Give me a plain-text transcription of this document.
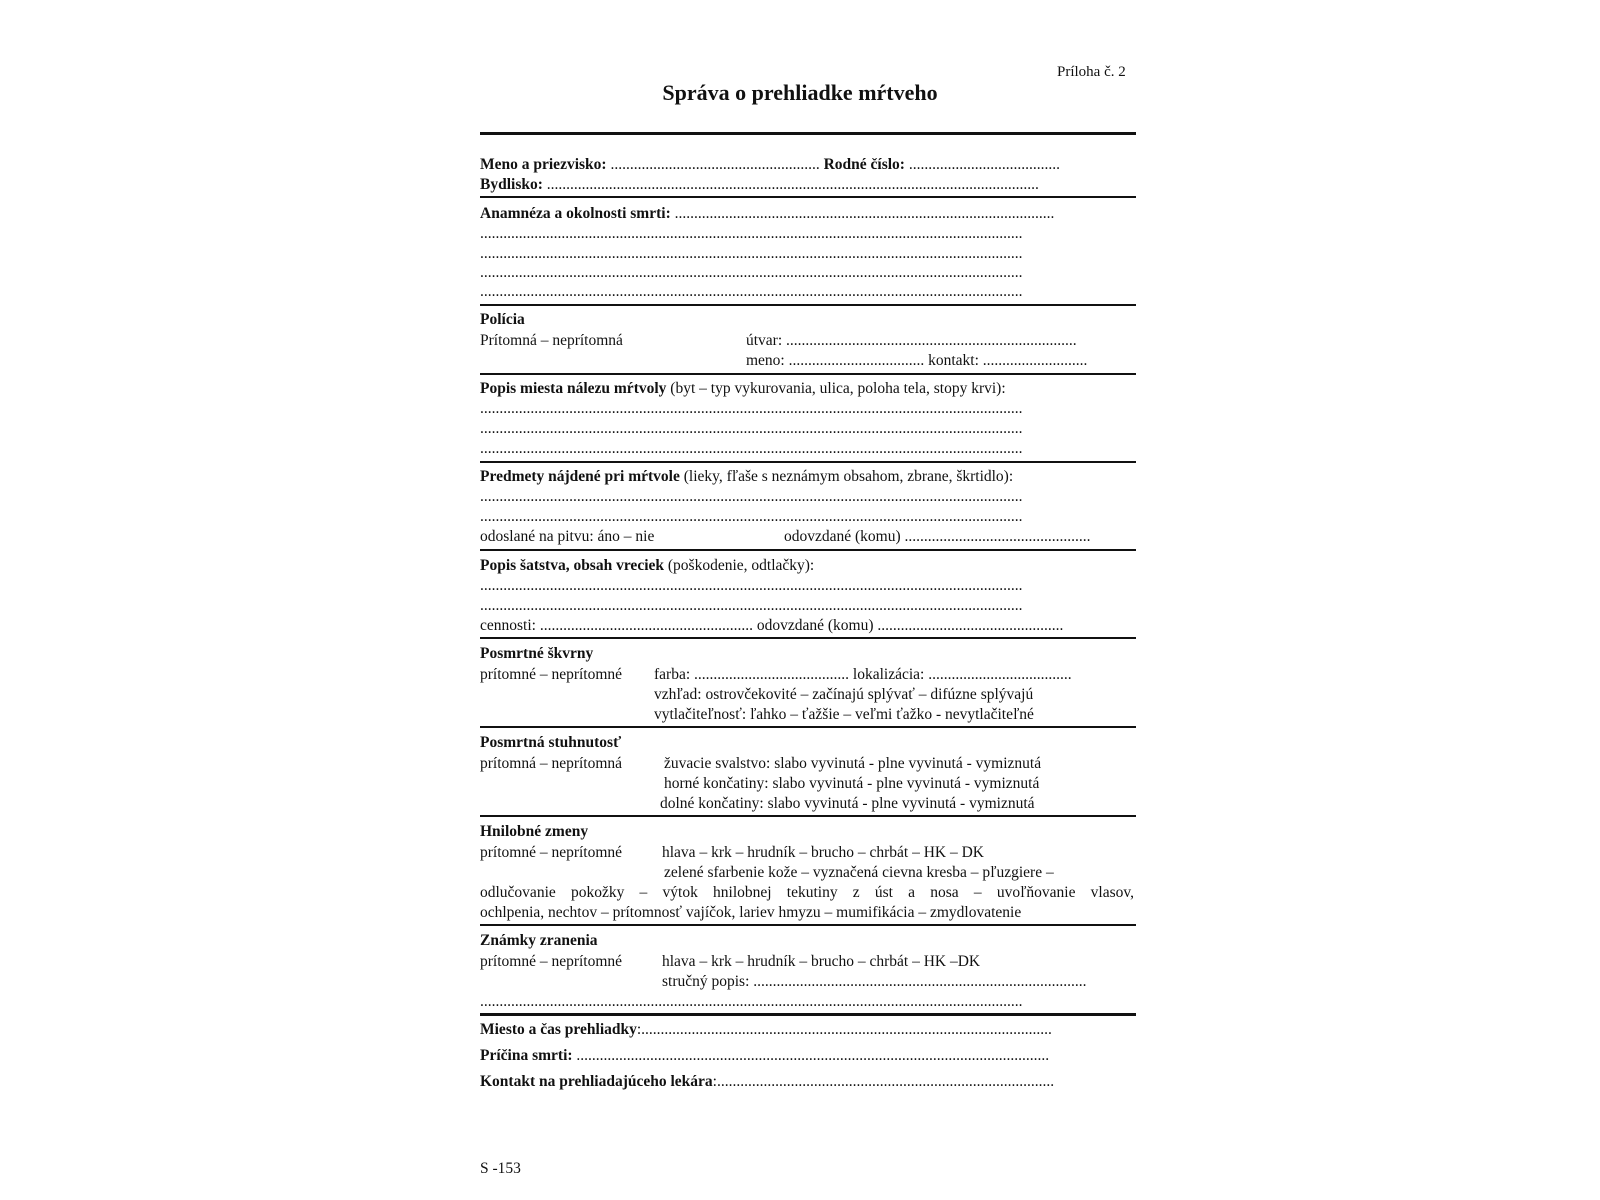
Príloha č. 2
Správa o prehliadke mŕtveho
Meno a priezvisko: ...................................................... Rodné číslo: .......................................
Bydlisko: ...............................................................................................................................
Anamnéza a okolnosti smrti: ..................................................................................................
............................................................................................................................................
............................................................................................................................................
............................................................................................................................................
............................................................................................................................................
Polícia
Prítomná – neprítomná	útvar: ...........................................................................
meno: ................................... kontakt: ...........................
Popis miesta nálezu mŕtvoly (byt – typ vykurovania, ulica, poloha tela, stopy krvi):
............................................................................................................................................
............................................................................................................................................
............................................................................................................................................
Predmety nájdené pri mŕtvole (lieky, fľaše s neznámym obsahom, zbrane, škrtidlo):
............................................................................................................................................
............................................................................................................................................
odoslané na pitvu: áno – nie	odovzdané (komu) ................................................
Popis šatstva, obsah vreciek (poškodenie, odtlačky):
............................................................................................................................................
............................................................................................................................................
cennosti: ....................................................... odovzdané (komu) ................................................
Posmrtné škvrny
prítomné – neprítomné farba: ........................................ lokalizácia: .....................................
vzhľad: ostrovčekovité – začínajú splývať – difúzne splývajú
vytlačiteľnosť: ľahko – ťažšie – veľmi ťažko - nevytlačiteľné
Posmrtná stuhnutosť
prítomná – neprítomná	žuvacie svalstvo: slabo vyvinutá - plne vyvinutá - vymiznutá
horné končatiny: slabo vyvinutá - plne vyvinutá - vymiznutá
dolné končatiny: slabo vyvinutá - plne vyvinutá - vymiznutá
Hnilobné zmeny
prítomné – neprítomné	hlava – krk – hrudník – brucho – chrbát – HK – DK
zelené sfarbenie kože – vyznačená cievna kresba – pľuzgiere –
odlučovanie pokožky – výtok hnilobnej tekutiny z úst a nosa – uvoľňovanie vlasov,
ochlpenia, nechtov – prítomnosť vajíčok, lariev hmyzu – mumifikácia – zmydlovatenie
Známky zranenia
prítomné – neprítomné	hlava – krk – hrudník – brucho – chrbát – HK –DK
stručný popis: ......................................................................................
............................................................................................................................................
Miesto a čas prehliadky:..........................................................................................................
Príčina smrti: ..........................................................................................................................
Kontakt na prehliadajúceho lekára:.......................................................................................
S -153
